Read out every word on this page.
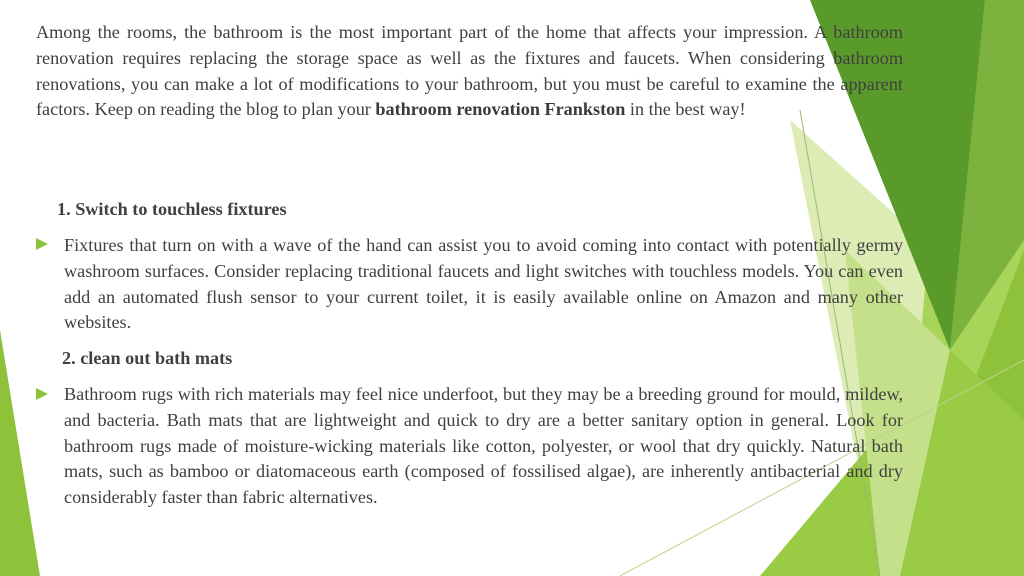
Among the rooms, the bathroom is the most important part of the home that affects your impression. A bathroom renovation requires replacing the storage space as well as the fixtures and faucets. When considering bathroom renovations, you can make a lot of modifications to your bathroom, but you must be careful to examine the apparent factors. Keep on reading the blog to plan your bathroom renovation Frankston in the best way!

1. Switch to touchless fixtures

Fixtures that turn on with a wave of the hand can assist you to avoid coming into contact with potentially germy washroom surfaces. Consider replacing traditional faucets and light switches with touchless models. You can even add an automated flush sensor to your current toilet, it is easily available online on Amazon and many other websites.

2. clean out bath mats

Bathroom rugs with rich materials may feel nice underfoot, but they may be a breeding ground for mould, mildew, and bacteria. Bath mats that are lightweight and quick to dry are a better sanitary option in general. Look for bathroom rugs made of moisture-wicking materials like cotton, polyester, or wool that dry quickly. Natural bath mats, such as bamboo or diatomaceous earth (composed of fossilised algae), are inherently antibacterial and dry considerably faster than fabric alternatives.
